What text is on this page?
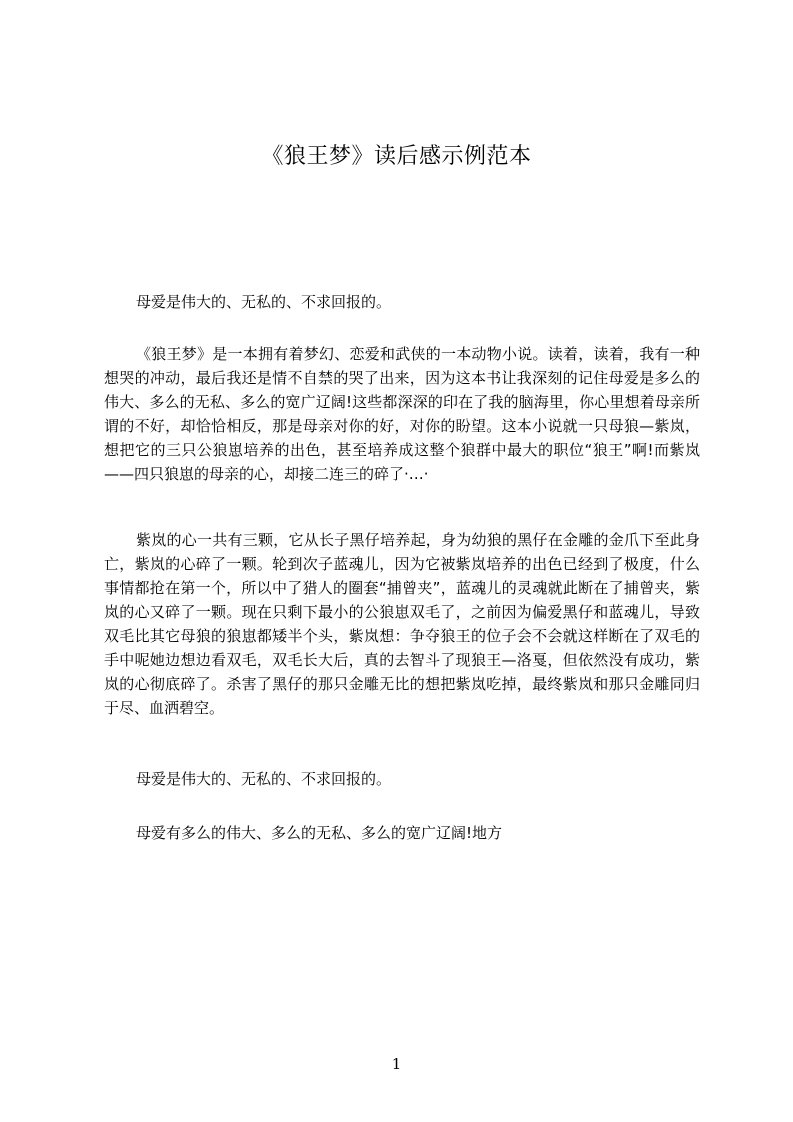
《狼王梦》读后感示例范本

母爱是伟大的、无私的、不求回报的。

《狼王梦》是一本拥有着梦幻、恋爱和武侠的一本动物小说。读着，读着，我有一种想哭的冲动，最后我还是情不自禁的哭了出来，因为这本书让我深刻的记住母爱是多么的伟大、多么的无私、多么的宽广辽阔!这些都深深的印在了我的脑海里，你心里想着母亲所谓的不好，却恰恰相反，那是母亲对你的好，对你的盼望。这本小说就一只母狼—紫岚，想把它的三只公狼崽培养的出色，甚至培养成这整个狼群中最大的职位“狼王”啊!而紫岚——四只狼崽的母亲的心，却接二连三的碎了·…·

紫岚的心一共有三颗，它从长子黑仔培养起，身为幼狼的黑仔在金雕的金爪下至此身亡，紫岚的心碎了一颗。轮到次子蓝魂儿，因为它被紫岚培养的出色已经到了极度，什么事情都抢在第一个，所以中了猎人的圈套“捕曾夹”，蓝魂儿的灵魂就此断在了捕曾夹，紫岚的心又碎了一颗。现在只剩下最小的公狼崽双毛了，之前因为偏爱黑仔和蓝魂儿，导致双毛比其它母狼的狼崽都矮半个头，紫岚想：争夺狼王的位子会不会就这样断在了双毛的手中呢她边想边看双毛，双毛长大后，真的去智斗了现狼王—洛戛，但依然没有成功，紫岚的心彻底碎了。杀害了黑仔的那只金雕无比的想把紫岚吃掉，最终紫岚和那只金雕同归于尽、血洒碧空。

母爱是伟大的、无私的、不求回报的。

母爱有多么的伟大、多么的无私、多么的宽广辽阔!地方

1
